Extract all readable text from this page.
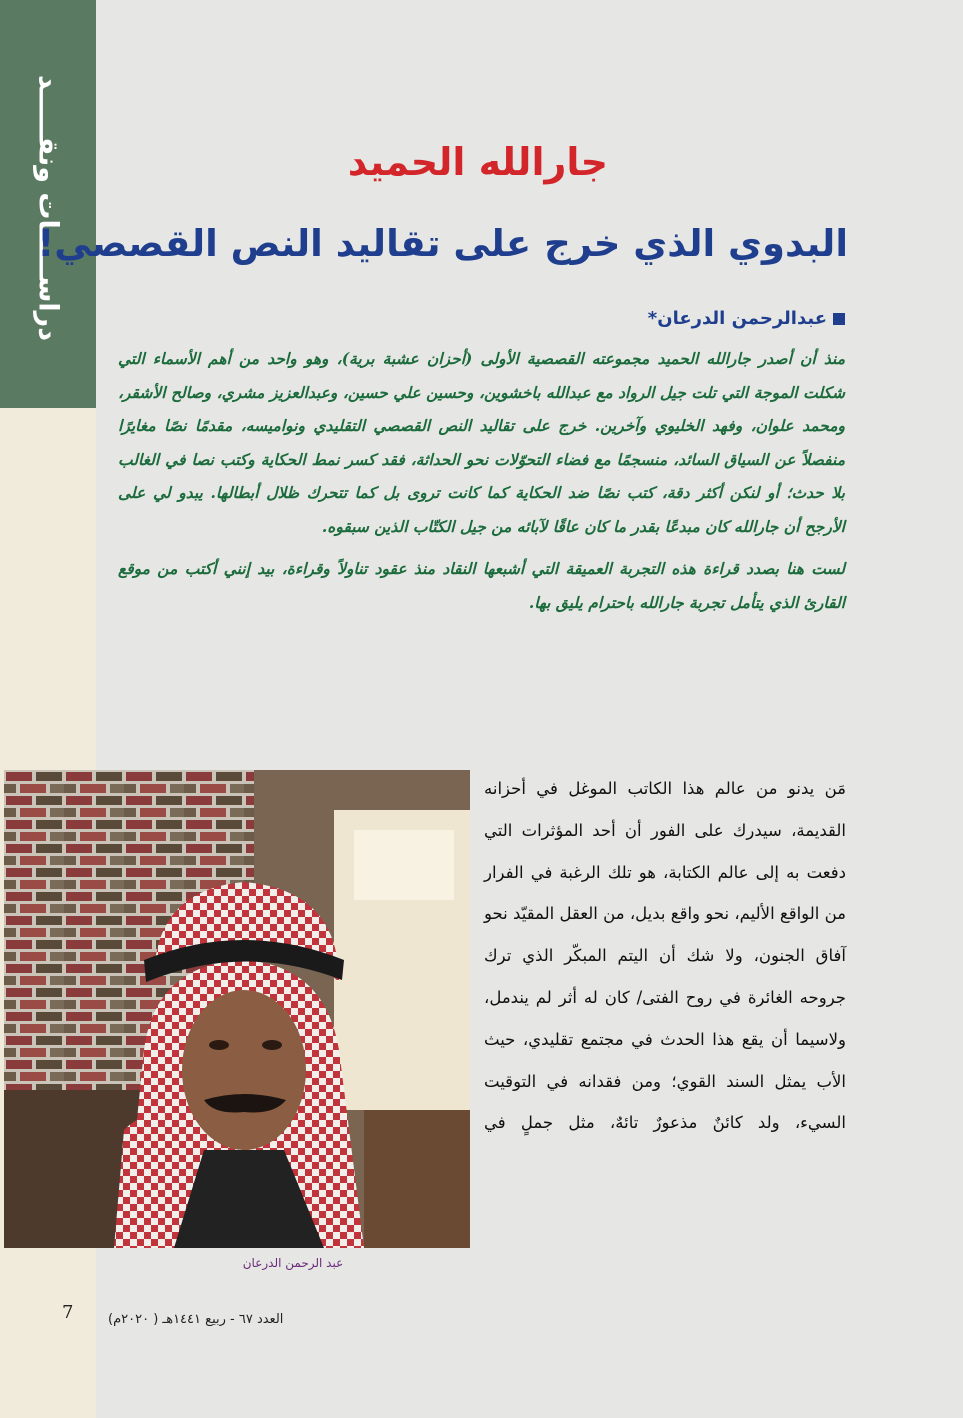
دراســـــات ونقـــــد	جارالله الحميد
البدوي الذي خرج على تقاليد النص القصصي!
عبدالرحمن الدرعان*

منذ أن أصدر جارالله الحميد مجموعته القصصية الأولى (أحزان عشبة برية)، وهو واحد من أهم الأسماء التي شكلت الموجة التي تلت جيل الرواد مع عبدالله باخشوين، وحسين علي حسين، وعبدالعزيز مشري، وصالح الأشقر، ومحمد علوان، وفهد الخليوي وآخرين. خرج على تقاليد النص القصصي التقليدي ونواميسه، مقدمًا نصًا مغايرًا منفصلاً عن السياق السائد، منسجمًا مع فضاء التحوّلات نحو الحداثة، فقد كسر نمط الحكاية وكتب نصا في الغالب بلا حدث؛ أو لنكن أكثر دقة، كتب نصًا ضد الحكاية كما كانت تروى بل كما تتحرك ظلال أبطالها. يبدو لي على الأرجح أن جارالله كان مبدعًا بقدر ما كان عاقًا لآبائه من جيل الكتّاب الذين سبقوه.

لست هنا بصدد قراءة هذه التجربة العميقة التي أشبعها النقاد منذ عقود تناولاً وقراءة، بيد إنني أكتب من موقع القارئ الذي يتأمل تجربة جارالله باحترام يليق بها.

عبد الرحمن الدرعان

مَن يدنو من عالم هذا الكاتب الموغل في أحزانه القديمة، سيدرك على الفور أن أحد المؤثرات التي دفعت به إلى عالم الكتابة، هو تلك الرغبة في الفرار من الواقع الأليم، نحو واقع بديل، من العقل المقيّد نحو آفاق الجنون، ولا شك أن اليتم المبكّر الذي ترك جروحه الغائرة في روح الفتى/ كان له أثر لم يندمل، ولاسيما أن يقع هذا الحدث في مجتمع تقليدي، حيث الأب يمثل السند القوي؛ ومن فقدانه في التوقيت السيء، ولد كائنٌ مذعورٌ تائهٌ، مثل جملٍ في

7	العدد ٦٧ - ربيع ١٤٤١هـ ( ٢٠٢٠م)
